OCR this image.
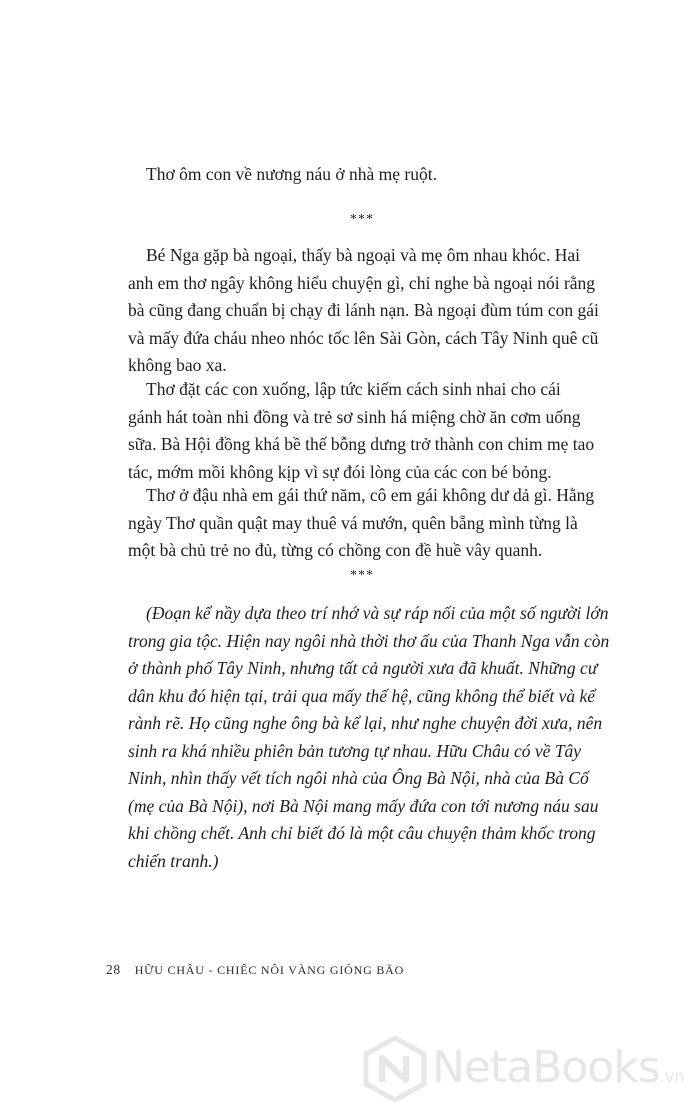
Thơ ôm con về nương náu ở nhà mẹ ruột.
***
Bé Nga gặp bà ngoại, thấy bà ngoại và mẹ ôm nhau khóc. Hai
anh em thơ ngây không hiểu chuyện gì, chỉ nghe bà ngoại nói rằng
bà cũng đang chuẩn bị chạy đi lánh nạn. Bà ngoại đùm túm con gái
và mấy đứa cháu nheo nhóc tốc lên Sài Gòn, cách Tây Ninh quê cũ
không bao xa.
Thơ đặt các con xuống, lập tức kiếm cách sinh nhai cho cái
gánh hát toàn nhi đồng và trẻ sơ sinh há miệng chờ ăn cơm uống
sữa. Bà Hội đồng khá bề thế bỗng dưng trở thành con chim mẹ tao
tác, mớm mồi không kịp vì sự đói lòng của các con bé bỏng.
Thơ ở đậu nhà em gái thứ năm, cô em gái không dư dả gì. Hằng
ngày Thơ quần quật may thuê vá mướn, quên bẵng mình từng là
một bà chủ trẻ no đủ, từng có chồng con đề huề vây quanh.
***
(Đoạn kể nầy dựa theo trí nhớ và sự ráp nối của một số người lớn
trong gia tộc. Hiện nay ngôi nhà thời thơ ấu của Thanh Nga vẫn còn
ở thành phố Tây Ninh, nhưng tất cả người xưa đã khuất. Những cư
dân khu đó hiện tại, trải qua mấy thế hệ, cũng không thể biết và kể
rành rẽ. Họ cũng nghe ông bà kể lại, như nghe chuyện đời xưa, nên
sinh ra khá nhiều phiên bản tương tự nhau. Hữu Châu có về Tây
Ninh, nhìn thấy vết tích ngôi nhà của Ông Bà Nội, nhà của Bà Cố
(mẹ của Bà Nội), nơi Bà Nội mang mấy đứa con tới nương náu sau
khi chồng chết. Anh chỉ biết đó là một câu chuyện thảm khốc trong
chiến tranh.)
28 HỮU CHÂU - CHIẾC NÔI VÀNG GIÓNG BÃO
NetaBooks.vn
